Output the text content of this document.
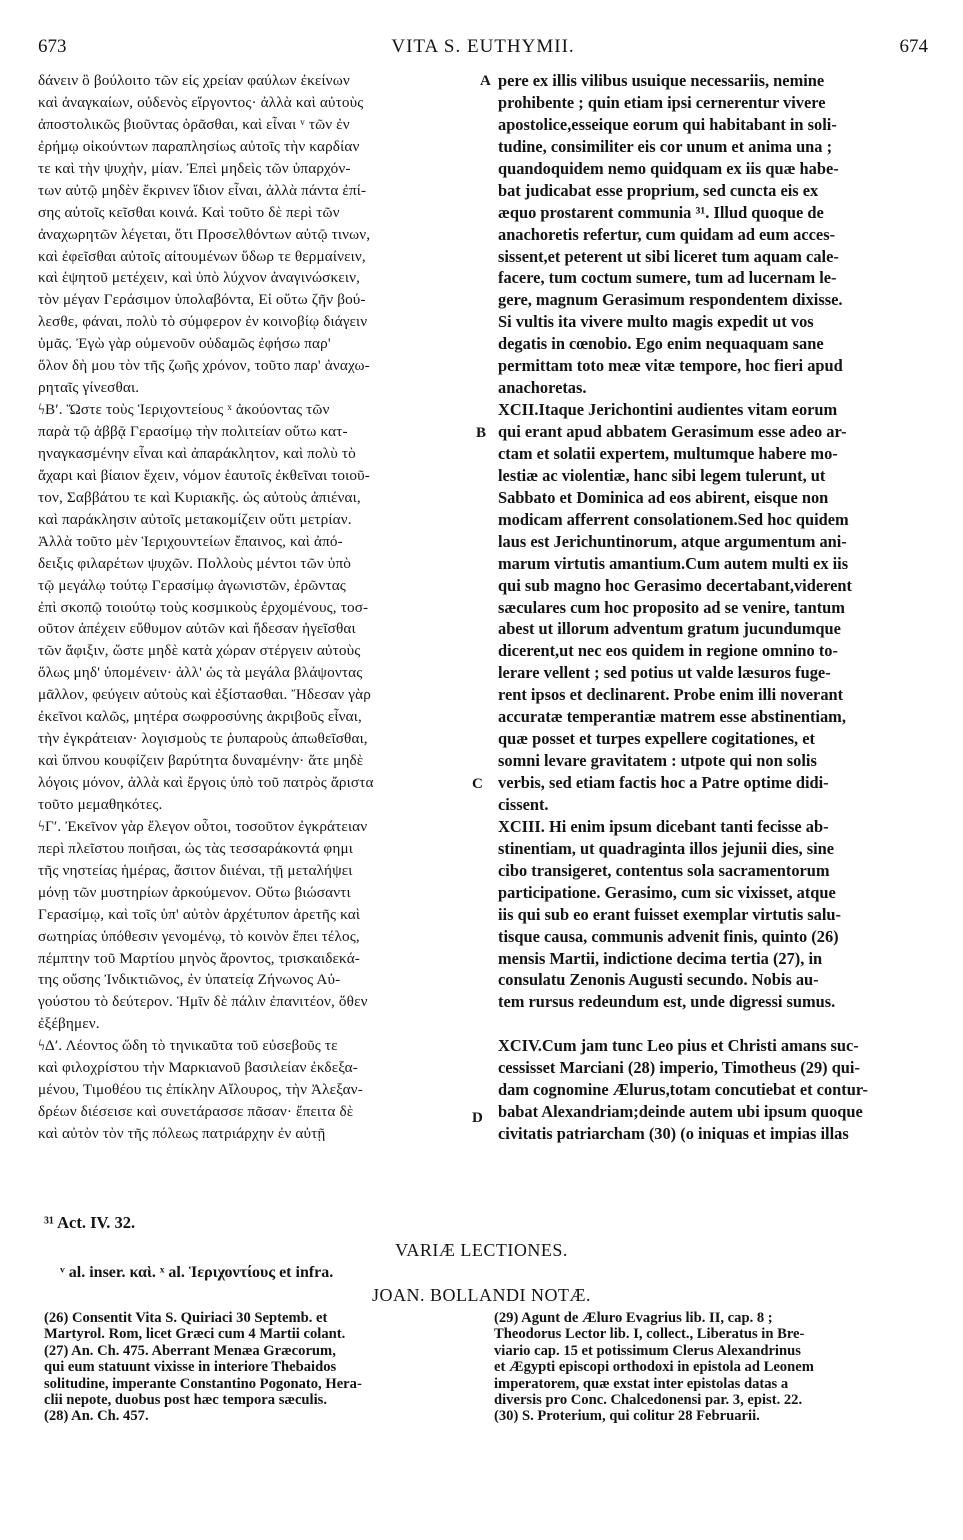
673	VITA S. EUTHYMII.	674
δάνειν ὃ βούλοιτο τῶν εἰς χρείαν φαύλων ἐκείνων
καὶ ἀναγκαίων, οὐδενὸς εἴργοντος· ἀλλὰ καὶ αὐτοὺς
ἀποστολικῶς βιοῦντας ὁρᾶσθαι, καὶ εἶναι ᵛ τῶν ἐν
ἐρήμῳ οἰκούντων παραπλησίως αὐτοῖς τὴν καρδίαν
τε καὶ τὴν ψυχὴν, μίαν. Ἐπεὶ μηδεὶς τῶν ὑπαρχόν-
των αὐτῷ μηδὲν ἔκρινεν ἴδιον εἶναι, ἀλλὰ πάντα ἐπί-
σης αὐτοῖς κεῖσθαι κοινά. Καὶ τοῦτο δὲ περὶ τῶν
ἀναχωρητῶν λέγεται, ὅτι Προσελθόντων αὐτῷ τινων,
καὶ ἐφεῖσθαι αὐτοῖς αἰτουμένων ὕδωρ τε θερμαίνειν,
καὶ ἑψητοῦ μετέχειν, καὶ ὑπὸ λύχνον ἀναγινώσκειν,
τὸν μέγαν Γεράσιμον ὑπολαβόντα, Εἰ οὕτω ζῆν βού-
λεσθε, φάναι, πολὺ τὸ σύμφερον ἐν κοινοβίῳ διάγειν
ὑμᾶς. Ἐγὼ γὰρ οὐμενοῦν οὐδαμῶς ἐφήσω παρ'
ὅλον δὴ μου τὸν τῆς ζωῆς χρόνον, τοῦτο παρ' ἀναχω-
ρηταῖς γίνεσθαι.
ϟΒʹ. Ὥστε τοὺς Ἱεριχοντείους ˣ ἀκούοντας τῶν
παρὰ τῷ ἀββᾷ Γερασίμῳ τὴν πολιτείαν οὕτω κατ-
ηναγκασμένην εἶναι καὶ ἀπαράκλητον, καὶ πολὺ τὸ
ἄχαρι καὶ βίαιον ἔχειν, νόμον ἑαυτοῖς ἐκθεῖναι τοιοῦ-
τον, Σαββάτου τε καὶ Κυριακῆς. ὡς αὐτοὺς ἀπιέναι,
καὶ παράκλησιν αὐτοῖς μετακομίζειν οὔτι μετρίαν.
Ἀλλὰ τοῦτο μὲν Ἱεριχουντείων ἔπαινος, καὶ ἀπό-
δειξις φιλαρέτων ψυχῶν. Πολλοὺς μέντοι τῶν ὑπὸ
τῷ μεγάλῳ τούτῳ Γερασίμῳ ἀγωνιστῶν, ἐρῶντας
ἐπὶ σκοπῷ τοιούτῳ τοὺς κοσμικοὺς ἐρχομένους, τοσ-
οῦτον ἀπέχειν εὔθυμον αὐτῶν καὶ ἥδεσαν ἡγεῖσθαι
τῶν ἄφιξιν, ὥστε μηδὲ κατὰ χώραν στέργειν αὐτοὺς
ὅλως μηδ' ὑπομένειν· ἀλλ' ὡς τὰ μεγάλα βλάψοντας
μᾶλλον, φεύγειν αὐτοὺς καὶ ἐξίστασθαι. Ἤδεσαν γὰρ
ἐκεῖνοι καλῶς, μητέρα σωφροσύνης ἀκριβοῦς εἶναι,
τὴν ἐγκράτειαν· λογισμοὺς τε ῥυπαροὺς ἀπωθεῖσθαι,
καὶ ὕπνου κουφίζειν βαρύτητα δυναμένην· ἅτε μηδὲ
λόγοις μόνον, ἀλλὰ καὶ ἔργοις ὑπὸ τοῦ πατρὸς ἄριστα
τοῦτο μεμαθηκότες.
ϟΓʹ. Ἐκεῖνον γὰρ ἔλεγον οὗτοι, τοσοῦτον ἐγκράτειαν
περὶ πλεῖστου ποιῆσαι, ὡς τὰς τεσσαράκοντά φημι
τῆς νηστείας ἡμέρας, ἄσιτον διιέναι, τῇ μεταλήψει
μόνῃ τῶν μυστηρίων ἀρκούμενον. Οὕτω βιώσαντι
Γερασίμῳ, καὶ τοῖς ὑπ' αὐτὸν ἀρχέτυπον ἀρετῆς καὶ
σωτηρίας ὑπόθεσιν γενομένῳ, τὸ κοινὸν ἔπει τέλος,
πέμπτην τοῦ Μαρτίου μηνὸς ἄροντος, τρισκαιδεκά-
της οὔσης Ἰνδικτιῶνος, ἐν ὑπατείᾳ Ζήνωνος Αὐ-
γούστου τὸ δεύτερον. Ἡμῖν δὲ πάλιν ἐπανιτέον, ὅθεν
ἐξέβημεν.
ϟΔʹ. Λέοντος ὥδη τὸ τηνικαῦτα τοῦ εὐσεβοῦς τε
καὶ φιλοχρίστου τὴν Μαρκιανοῦ βασιλείαν ἐκδεξα-
μένου, Τιμοθέου τις ἐπίκλην Αἴλουρος, τὴν Ἀλεξαν-
δρέων διέσεισε καὶ συνετάρασσε πᾶσαν· ἔπειτα δὲ
καὶ αὐτὸν τὸν τῆς πόλεως πατριάρχην ἐν αὐτῇ
pere ex illis vilibus usuique necessariis, nemine
prohibente ; quin etiam ipsi cernerentur vivere
apostolice,esseique eorum qui habitabant in soli-
tudine, consimiliter eis cor unum et anima una ;
quandoquidem nemo quidquam ex iis quæ habe-
bat judicabat esse proprium, sed cuncta eis ex
æquo prostarent communia ³¹. Illud quoque de
anachoretis refertur, cum quidam ad eum acces-
sissent,et peterent ut sibi liceret tum aquam cale-
facere, tum coctum sumere, tum ad lucernam le-
gere, magnum Gerasimum respondentem dixisse.
Si vultis ita vivere multo magis expedit ut vos
degatis in cœnobio. Ego enim nequaquam sane
permittam toto meæ vitæ tempore, hoc fieri apud
anachoretas.
XCII.Itaque Jerichontini audientes vitam eorum
qui erant apud abbatem Gerasimum esse adeo ar-
ctam et solatii expertem, multumque habere mo-
lestiæ ac violentiæ, hanc sibi legem tulerunt, ut
Sabbato et Dominica ad eos abirent, eisque non
modicam afferrent consolationem.Sed hoc quidem
laus est Jerichuntinorum, atque argumentum ani-
marum virtutis amantium.Cum autem multi ex iis
qui sub magno hoc Gerasimo decertabant,viderent
sæculares cum hoc proposito ad se venire, tantum
abest ut illorum adventum gratum jucundumque
dicerent,ut nec eos quidem in regione omnino to-
lerare vellent ; sed potius ut valde læsuros fuge-
rent ipsos et declinarent. Probe enim illi noverant
accuratæ temperantiæ matrem esse abstinentiam,
quæ posset et turpes expellere cogitationes, et
somni levare gravitatem : utpote qui non solis
verbis, sed etiam factis hoc a Patre optime didi-
cissent.
XCIII. Hi enim ipsum dicebant tanti fecisse ab-
stinentiam, ut quadraginta illos jejunii dies, sine
cibo transigeret, contentus sola sacramentorum
participatione. Gerasimo, cum sic vixisset, atque
iis qui sub eo erant fuisset exemplar virtutis salu-
tisque causa, communis advenit finis, quinto (26)
mensis Martii, indictione decima tertia (27), in
consulatu Zenonis Augusti secundo. Nobis au-
tem rursus redeundum est, unde digressi sumus.
XCIV.Cum jam tunc Leo pius et Christi amans suc-
cessisset Marciani (28) imperio, Timotheus (29) qui-
dam cognomine Ælurus,totam concutiebat et contur-
babat Alexandriam;deinde autem ubi ipsum quoque
civitatis patriarcham (30) (o iniquas et impias illas
A
B
C
D
³¹ Act. IV. 32.
VARIÆ LECTIONES.
ᵛ al. inser. καὶ. ˣ al. Ἱεριχοντίους et infra.
JOAN. BOLLANDI NOTÆ.
(26) Consentit Vita S. Quiriaci 30 Septemb. et
Martyrol. Rom, licet Græci cum 4 Martii colant.
(27) An. Ch. 475. Aberrant Menæa Græcorum,
qui eum statuunt vixisse in interiore Thebaidos
solitudine, imperante Constantino Pogonato, Hera-
clii nepote, duobus post hæc tempora sæculis.
(28) An. Ch. 457.
(29) Agunt de Æluro Evagrius lib. II, cap. 8 ;
Theodorus Lector lib. I, collect., Liberatus in Bre-
viario cap. 15 et potissimum Clerus Alexandrinus
et Ægypti episcopi orthodoxi in epistola ad Leonem
imperatorem, quæ exstat inter epistolas datas a
diversis pro Conc. Chalcedonensi par. 3, epist. 22.
(30) S. Proterium, qui colitur 28 Februarii.
